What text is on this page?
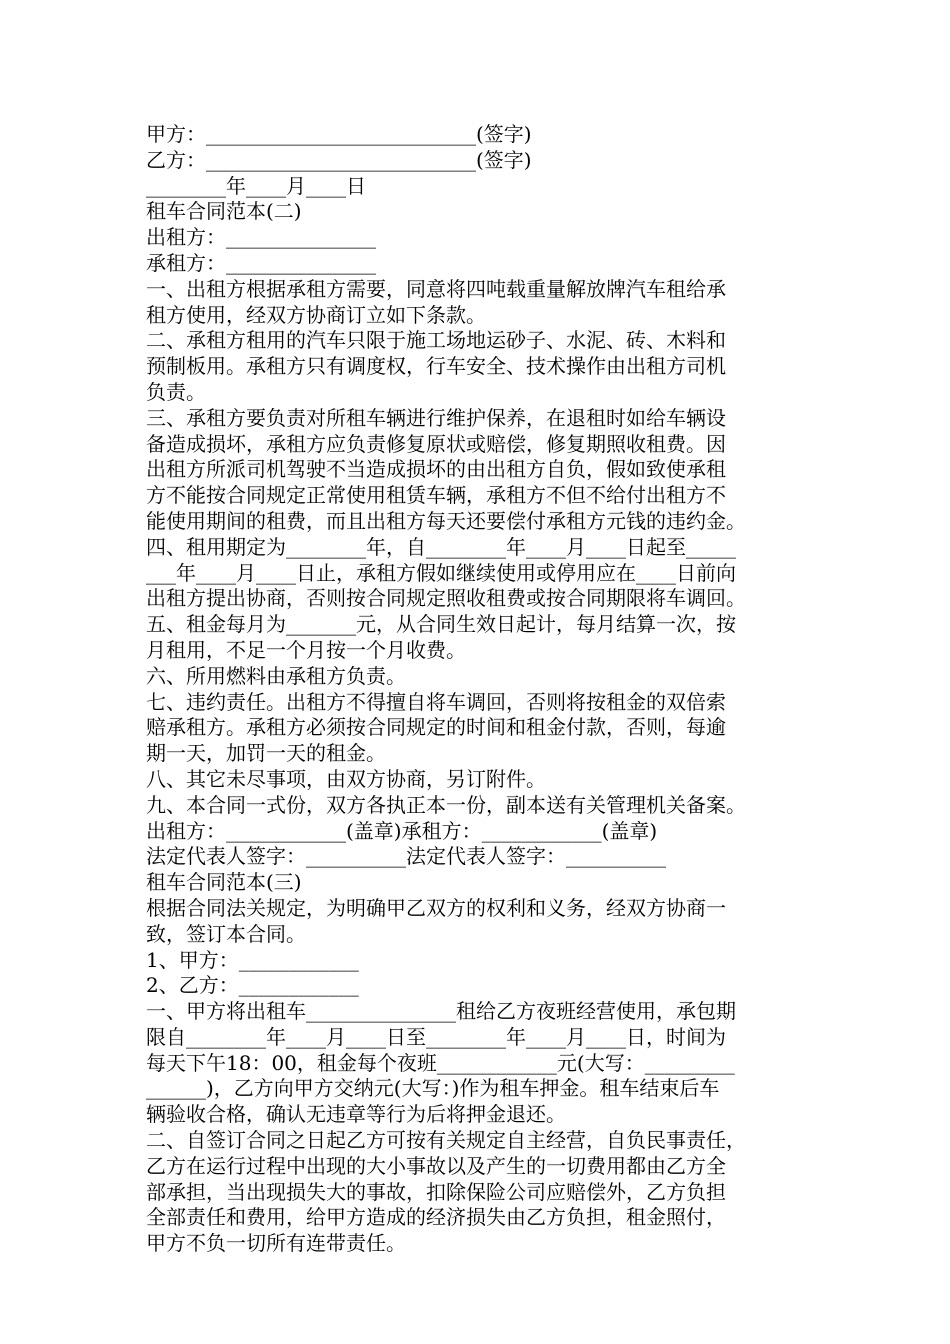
甲方：___________________________(签字)
乙方：___________________________(签字)
________年____月____日
租车合同范本(二)
出租方：_______________
承租方：_______________
一、出租方根据承租方需要，同意将四吨载重量解放牌汽车租给承
租方使用，经双方协商订立如下条款。
二、承租方租用的汽车只限于施工场地运砂子、水泥、砖、木料和
预制板用。承租方只有调度权，行车安全、技术操作由出租方司机
负责。
三、承租方要负责对所租车辆进行维护保养，在退租时如给车辆设
备造成损坏，承租方应负责修复原状或赔偿，修复期照收租费。因
出租方所派司机驾驶不当造成损坏的由出租方自负，假如致使承租
方不能按合同规定正常使用租赁车辆，承租方不但不给付出租方不
能使用期间的租费，而且出租方每天还要偿付承租方元钱的违约金。
四、租用期定为________年，自________年____月____日起至_____
___年____月____日止，承租方假如继续使用或停用应在____日前向
出租方提出协商，否则按合同规定照收租费或按合同期限将车调回。
五、租金每月为_______元，从合同生效日起计，每月结算一次，按
月租用，不足一个月按一个月收费。
六、所用燃料由承租方负责。
七、违约责任。出租方不得擅自将车调回，否则将按租金的双倍索
赔承租方。承租方必须按合同规定的时间和租金付款，否则，每逾
期一天，加罚一天的租金。
八、其它未尽事项，由双方协商，另订附件。
九、本合同一式份，双方各执正本一份，副本送有关管理机关备案。
出租方：____________(盖章)承租方：____________(盖章)
法定代表人签字：__________法定代表人签字：__________
租车合同范本(三)
根据合同法关规定，为明确甲乙双方的权利和义务，经双方协商一
致，签订本合同。
1、甲方：____________
2、乙方：____________
一、甲方将出租车_______________租给乙方夜班经营使用，承包期
限自________年____月____日至________年____月____日，时间为
每天下午18：00，租金每个夜班____________元(大写：_________
______)，乙方向甲方交纳元(大写：)作为租车押金。租车结束后车
辆验收合格，确认无违章等行为后将押金退还。
二、自签订合同之日起乙方可按有关规定自主经营，自负民事责任，
乙方在运行过程中出现的大小事故以及产生的一切费用都由乙方全
部承担，当出现损失大的事故，扣除保险公司应赔偿外，乙方负担
全部责任和费用，给甲方造成的经济损失由乙方负担，租金照付，
甲方不负一切所有连带责任。
